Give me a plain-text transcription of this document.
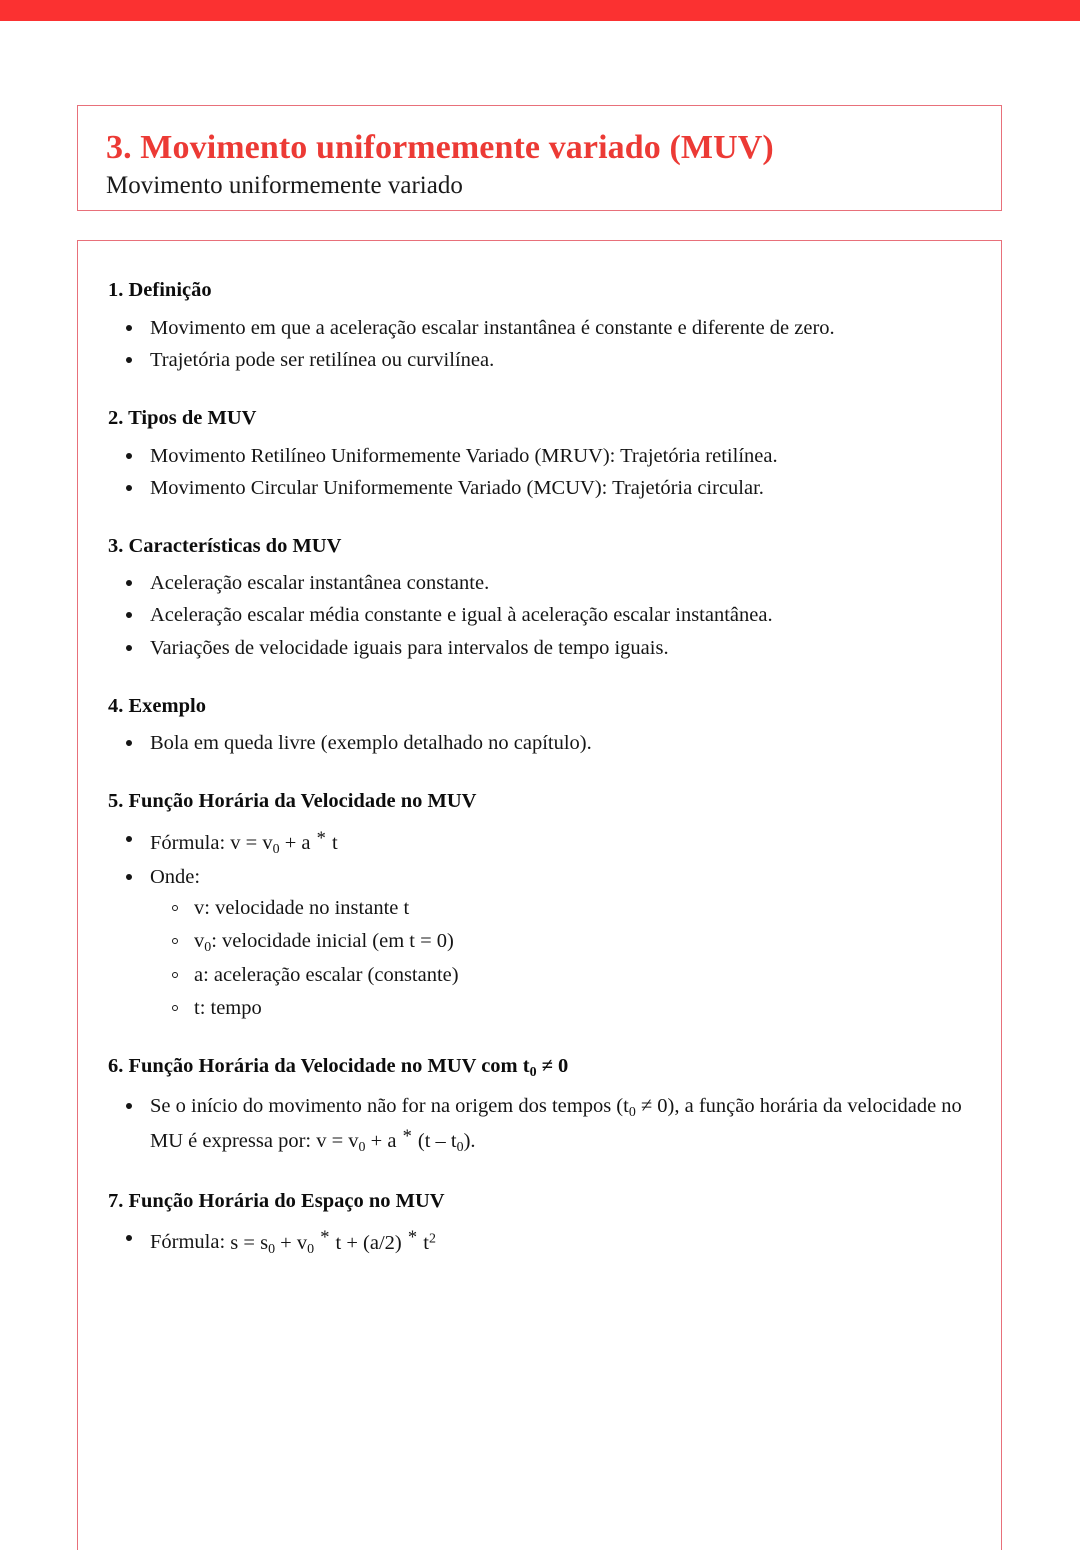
3. Movimento uniformemente variado (MUV)

Movimento uniformemente variado

1. Definição
Movimento em que a aceleração escalar instantânea é constante e diferente de zero.
Trajetória pode ser retilínea ou curvilínea.
2. Tipos de MUV
Movimento Retilíneo Uniformemente Variado (MRUV): Trajetória retilínea.
Movimento Circular Uniformemente Variado (MCUV): Trajetória circular.
3. Características do MUV
Aceleração escalar instantânea constante.
Aceleração escalar média constante e igual à aceleração escalar instantânea.
Variações de velocidade iguais para intervalos de tempo iguais.
4. Exemplo
Bola em queda livre (exemplo detalhado no capítulo).
5. Função Horária da Velocidade no MUV
Fórmula: $v = v_0 + a * t$
Onde:
v: velocidade no instante t
$v_0$: velocidade inicial (em t = 0)
a: aceleração escalar (constante)
t: tempo
6. Função Horária da Velocidade no MUV com $t_0 \ne 0$
Se o início do movimento não for na origem dos tempos $(t_0 \ne 0)$, a função horária da velocidade no MU é expressa por: $v = v_0 + a * (t - t_0)$.
7. Função Horária do Espaço no MUV
Fórmula: $s = s_0 + v_0 * t + (a/2) * t^2$
